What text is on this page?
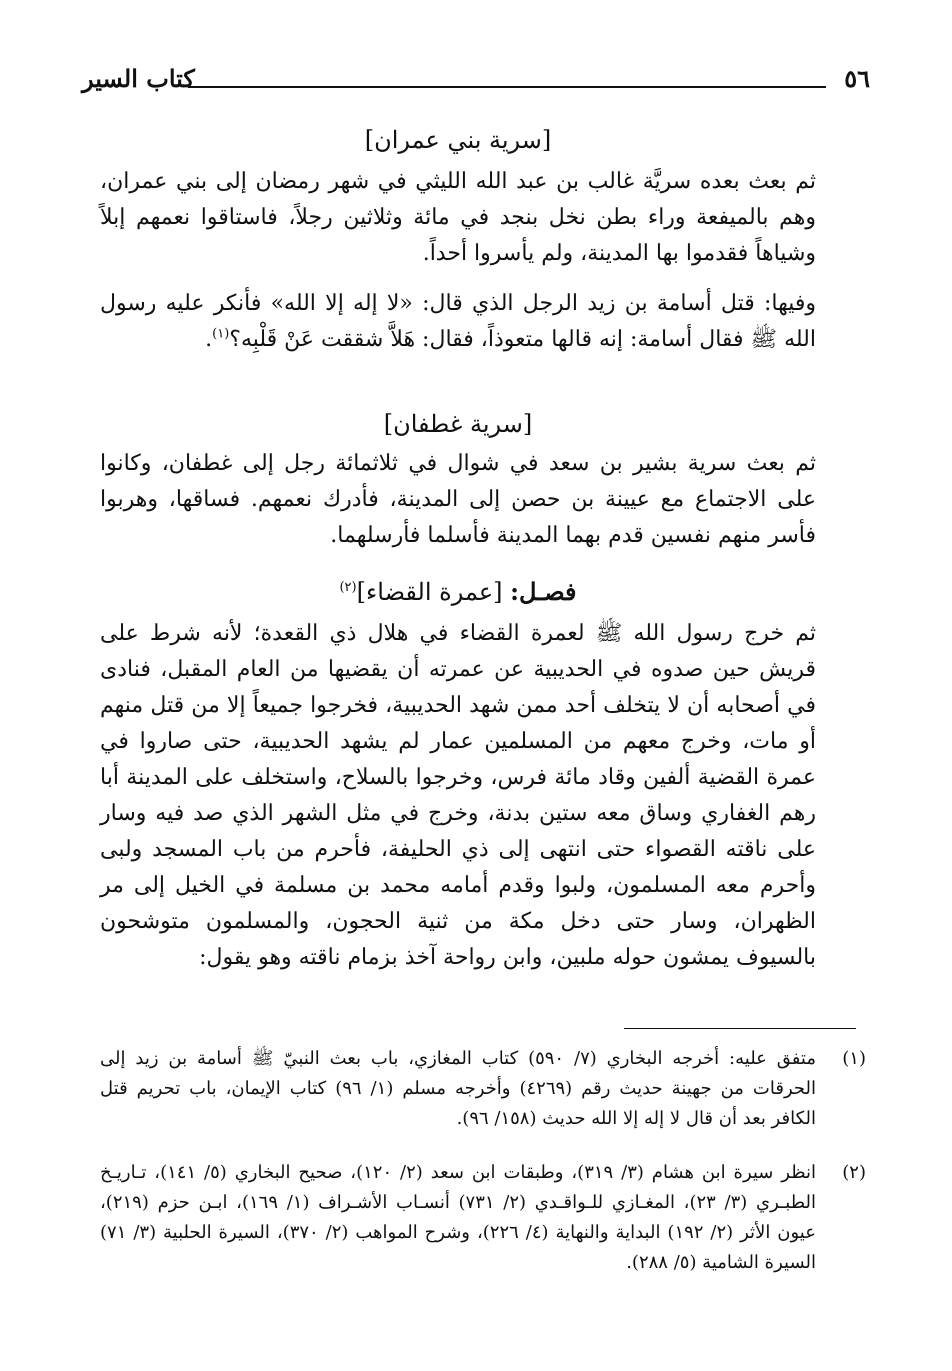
كتاب السير	٥٦
[سرية بني عمران]
ثم بعث بعده سريَّة غالب بن عبد الله الليثي في شهر رمضان إلى بني عمران، وهم بالميفعة وراء بطن نخل بنجد في مائة وثلاثين رجلاً، فاستاقوا نعمهم إبلاً وشياهاً فقدموا بها المدينة، ولم يأسروا أحداً.
وفيها: قتل أسامة بن زيد الرجل الذي قال: «لا إله إلا الله» فأنكر عليه رسول الله ﷺ فقال أسامة: إنه قالها متعوذاً، فقال: هَلاَّ شققت عَنْ قَلْبِه؟$^{(١)}$.
[سرية غطفان]
ثم بعث سرية بشير بن سعد في شوال في ثلاثمائة رجل إلى غطفان، وكانوا على الاجتماع مع عيينة بن حصن إلى المدينة، فأدرك نعمهم. فساقها، وهربوا فأسر منهم نفسين قدم بهما المدينة فأسلما فأرسلهما.
فصـل: [عمرة القضاء]$^{(٢)}$
ثم خرج رسول الله ﷺ لعمرة القضاء في هلال ذي القعدة؛ لأنه شرط على قريش حين صدوه في الحديبية عن عمرته أن يقضيها من العام المقبل، فنادى في أصحابه أن لا يتخلف أحد ممن شهد الحديبية، فخرجوا جميعاً إلا من قتل منهم أو مات، وخرج معهم من المسلمين عمار لم يشهد الحديبية، حتى صاروا في عمرة القضية ألفين وقاد مائة فرس، وخرجوا بالسلاح، واستخلف على المدينة أبا رهم الغفاري وساق معه ستين بدنة، وخرج في مثل الشهر الذي صد فيه وسار على ناقته القصواء حتى انتهى إلى ذي الحليفة، فأحرم من باب المسجد ولبى وأحرم معه المسلمون، ولبوا وقدم أمامه محمد بن مسلمة في الخيل إلى مر الظهران، وسار حتى دخل مكة من ثنية الحجون، والمسلمون متوشحون بالسيوف يمشون حوله ملبين، وابن رواحة آخذ بزمام ناقته وهو يقول:
(١)
متفق عليه: أخرجه البخاري (٧/ ٥٩٠) كتاب المغازي، باب بعث النبيّ ﷺ أسامة بن زيد إلى الحرقات من جهينة حديث رقم (٤٢٦٩) وأخرجه مسلم (١/ ٩٦) كتاب الإيمان، باب تحريم قتل الكافر بعد أن قال لا إله إلا الله حديث (١٥٨/ ٩٦).
(٢)
انظر سيرة ابن هشام (٣/ ٣١٩)، وطبقات ابن سعد (٢/ ١٢٠)، صحيح البخاري (٥/ ١٤١)، تـاريـخ الطبـري (٣/ ٢٣)، المغـازي للـواقـدي (٢/ ٧٣١) أنسـاب الأشـراف (١/ ١٦٩)، ابـن حزم (٢١٩)، عيون الأثر (٢/ ١٩٢) البداية والنهاية (٤/ ٢٢٦)، وشرح المواهب (٢/ ٣٧٠)، السيرة الحلبية (٣/ ٧١) السيرة الشامية (٥/ ٢٨٨).
